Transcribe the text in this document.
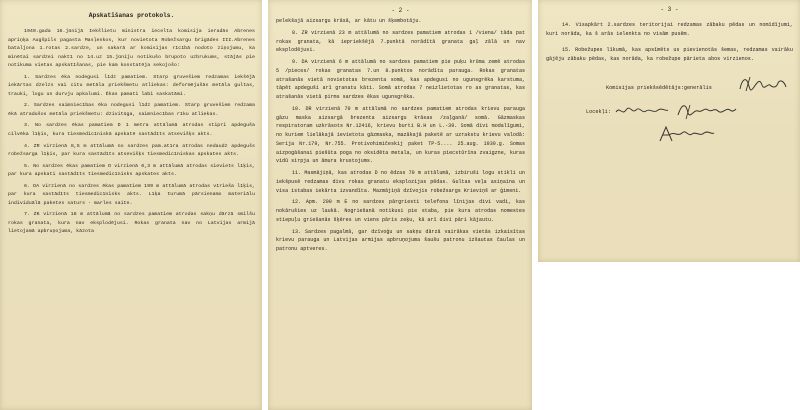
Apskatīšanas protokols.

1940.gada 16.jūnijā Iekšlietu ministra iecelta komisija ieradās Abrenes apriņķa Augšpils pagasta Masļenkos, kur novietota Robežsargu brigādes III.Abrenes bataljona 1.rotas 2.sardze, un sakarā ar komisijas rīcībā nodoto ziņojumu, ka minētai sardzei naktī no 14.uz 15.jūniju notikušo brupoto uzbrukums, stājās pie notikuma vietas apskatīšanas, pie kam konstatēja sekojošo:

1. Sardzes ēka nodegusi līdz pamatiem. Starp gruvešiem redzamas iekšējā iekārtas dzelzs vai citu metāla priekšmetu atliekas: deformējušās metāla gultas, trauki, logu un durvju apkalumi. Ēkas pamati labi saskatāmi.

2. Sardzes saimniecības ēka nodegusi līdz pamatiem. Starp gruvešiem redzama ēkā atradušos metāla priekšmetu: dzivitūga, saimniecības rīku atliekas.

3. No sardzes ēkas pamatiem D 1 metra attālumā atrodas stipri apdeguša cilvēka līķis, kura tiesmedicīniskā apskatē sastādīts atsevišķs akts.

4. ZR virzienā 8,5 m attālumā no sardzes pam.atīra atrodas nedaudz apdegušs robežsarga līķis, par kura sastādīts atsevišķs tiesmedicīniskas apskates akts.

5. No sardzes ēkas pamatiem D virzienā 0,3 m attālumā atrodas sieviets līķis, par kura apskati sastādīts tiesmedicīnisks apskates akts.

6. DA virzienā no sardzes ēkas pamatiem 199 m attālumā atrodas vīrieša līķis, par kura sastādīts tiesmedicīnisks akts. Līķa turumā pārsienamo materiālu individuālā paketes saturs - marles saite.

7. ZK virzienā 18 m attālumā no sardzes pamatiem atrodas sakņu dārzā smilšu rokas granata, kura nav eksplodējusi. Rokas granata nav no Latvijas armijā lietojamā apbruņojuma, kāzota

- 2 -

pelekšajā aizsargu krāsā, ar kātu un šķembotāju.

8. ZR virzienā 23 m attālumā no sardzes pamatiem atrodas 1 /viena/ tāda pat rokas granata, kā iepriekšējā 7.punktā norādītā granata gaļ zālā un nav eksplodējusi.

9. DA virzienā 6 m attālumā no sardzes pamatiem pie puķu krūma zemē atrodas 5 /pieces/ rokas granatas 7.un 8.punktos norādīta parauga. Rokas granatas atrašanās vietā novietotas brezenta somā, kas apdegusi no ugunsgrēka karstuma, tāpēt apdeguši arī granatu kāti. Somā atrodas 7 neizlietotas ro as granatas, kas atrašanās vietā pirms sardzes ēkas ugunsgrēka.

10. DR virzienā 70 m attālumā no sardzes pamatiem atrodas krievu parauga gāzu maska aizsargā brezenta aizsargu krāsas /zaļganā/ somā. Gāzmaskas respiratoram uzkrāsots Nr.12416, krievu burti B.H un L.-39. Somā divi modalīgumi, no kuriem lielākajā ievietota gāzmaska, mazākajā paketē ar uzrakstu krievu valodā: Serija Nr.179, Nr.755. Protivohimičeskij paket TP-5.... 25.aug. 1939.g. Somas aizpogāšanai piešūta poga no oksidēta metala, un kuras piecstūrīna zvaigzne, kuras vidū sirpja un āmura krustojums.

11. Masmājiņā, kas atrodas D no ēdzas 70 m attālumā, izbiruši logu stikli un iekšpusē redzamas divu rokas granatu eksplozijas pēdas. Gultas veļa asiņaina un visa istabas iekārta izvandīta. Mazmājiņā dzīvojis robežsargs Krieviņš ar ģimeni.

12. Apm. 200 m E no sardzes pārgriesti telefona līnijas divi vadi, kas nokārušies uz laukā. Nogriešanā notikusi pie staba, pie kura atrodas nomestes stiepuļu griešanās šķēres un viens pāris zeķu, kā arī divi pāri kājautu.

13. Sardzes pagalmā, gar dzīvoģu un sakņu dārzā vairākas vietās izkaisītas krievu parauga un Latvijas armijas apbruņojuma šaušu patronu izšautas čaulas un patronu aptveres.

- 3 -

14. Visapkārt 2.sardzes teritorijai redzamas zābaku pēdas un nomīdījumi, kuri norāda, ka š arās ielenkta no visām pusēm.

15. Robežupes līkumā, kas apsīmēts us pievienotās šemas, redzamas vairāku gājēju zābaku pēdas, kas norāda, ka robežupe pārieta abos virzienos.

Komisijas priekšsēdētājs:generālis
Locekļi:
